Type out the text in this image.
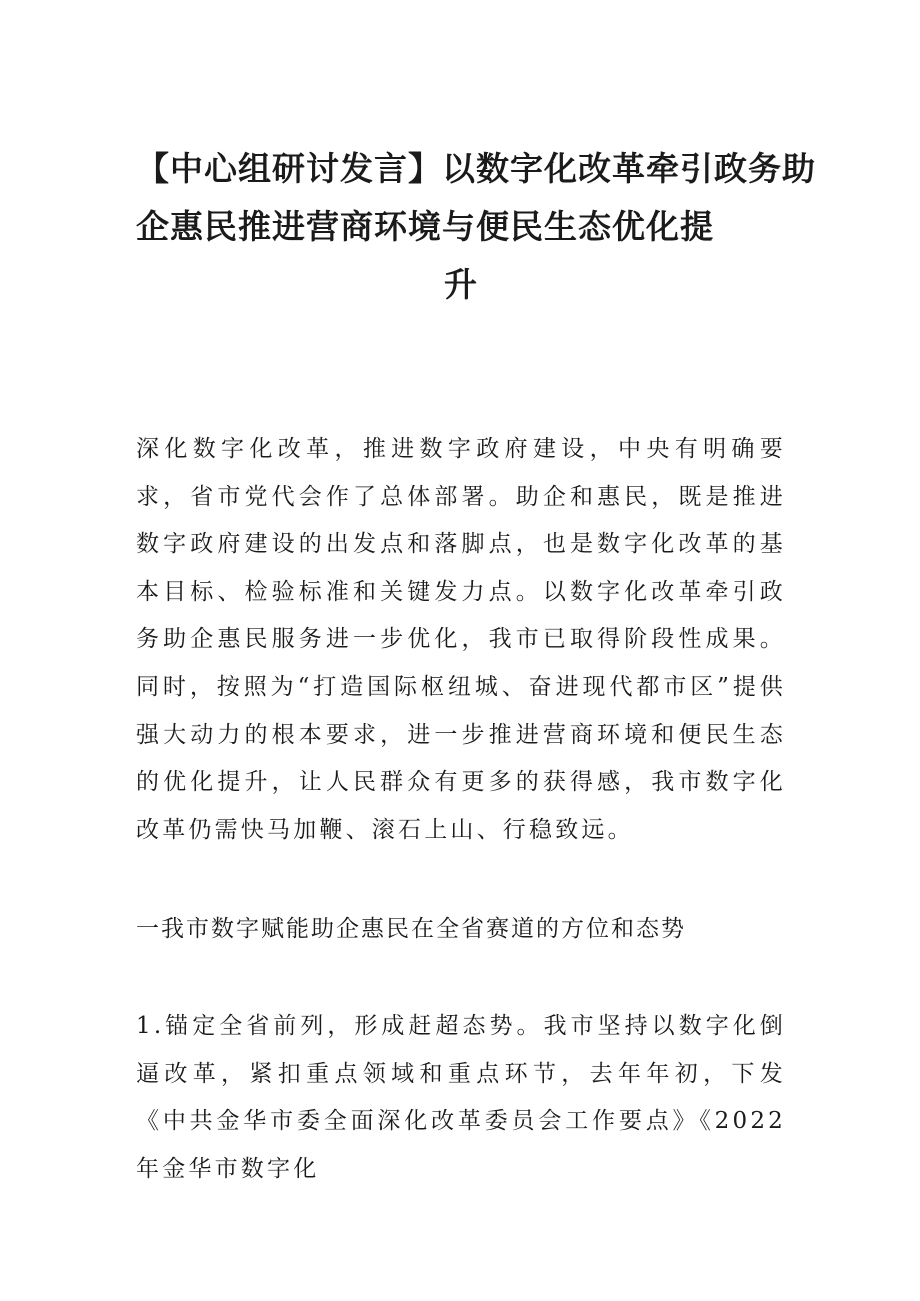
【中心组研讨发言】以数字化改革牵引政务助
企惠民推进营商环境与便民生态优化提
升
深化数字化改革，推进数字政府建设，中央有明确要求，省市党代会作了总体部署。助企和惠民，既是推进数字政府建设的出发点和落脚点，也是数字化改革的基本目标、检验标准和关键发力点。以数字化改革牵引政务助企惠民服务进一步优化，我市已取得阶段性成果。同时，按照为“打造国际枢纽城、奋进现代都市区”提供强大动力的根本要求，进一步推进营商环境和便民生态的优化提升，让人民群众有更多的获得感，我市数字化改革仍需快马加鞭、滚石上山、行稳致远。
一我市数字赋能助企惠民在全省赛道的方位和态势
1.锚定全省前列，形成赶超态势。我市坚持以数字化倒逼改革，紧扣重点领域和重点环节，去年年初，下发《中共金华市委全面深化改革委员会工作要点》《2022年金华市数字化
